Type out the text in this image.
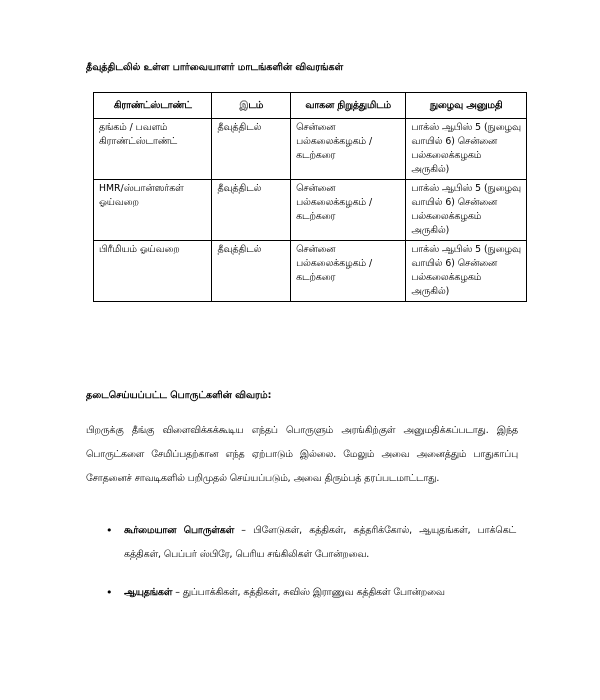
தீவுத்திடலில் உள்ள பார்வையாளர் மாடங்களின் விவரங்கள்

கிராண்ட்ஸ்டாண்ட்	இடம்	வாகன நிறுத்துமிடம்	நுழைவு அனுமதி
தங்கம் / பவளம் கிராண்ட்ஸ்டாண்ட்	தீவுத்திடல்	சென்னை பல்கலைக்கழகம் / கடற்கரை	பாக்ஸ் ஆபிஸ் 5 (நுழைவு வாயில் 6) சென்னை பல்கலைக்கழகம் அருகில்)
HMR/ஸ்பான்ஸர்கள் ஓய்வறை	தீவுத்திடல்	சென்னை பல்கலைக்கழகம் / கடற்கரை	பாக்ஸ் ஆபிஸ் 5 (நுழைவு வாயில் 6) சென்னை பல்கலைக்கழகம் அருகில்)
பிரீமியம் ஓய்வறை	தீவுத்திடல்	சென்னை பல்கலைக்கழகம் / கடற்கரை	பாக்ஸ் ஆபிஸ் 5 (நுழைவு வாயில் 6) சென்னை பல்கலைக்கழகம் அருகில்)

தடைசெய்யப்பட்ட பொருட்களின் விவரம்:

பிறருக்கு தீங்கு விளைவிக்கக்கூடிய எந்தப் பொருளும் அரங்கிற்குள் அனுமதிக்கப்படாது. இந்த பொருட்களை சேமிப்பதற்கான எந்த ஏற்பாடும் இல்லை. மேலும் அவை அனைத்தும் பாதுகாப்பு சோதனைச் சாவடிகளில் பறிமுதல் செய்யப்படும், அவை திரும்பத் தரப்படமாட்டாது.

• கூர்மையான பொருள்கள் – பிளேடுகள், கத்திகள், கத்தரிக்கோல், ஆயுதங்கள், பாக்கெட் கத்திகள், பெப்பர் ஸ்பிரே, பெரிய சங்கிலிகள் போன்றவை.
• ஆயுதங்கள் – துப்பாக்கிகள், கத்திகள், சுவிஸ் இராணுவ கத்திகள் போன்றவை
